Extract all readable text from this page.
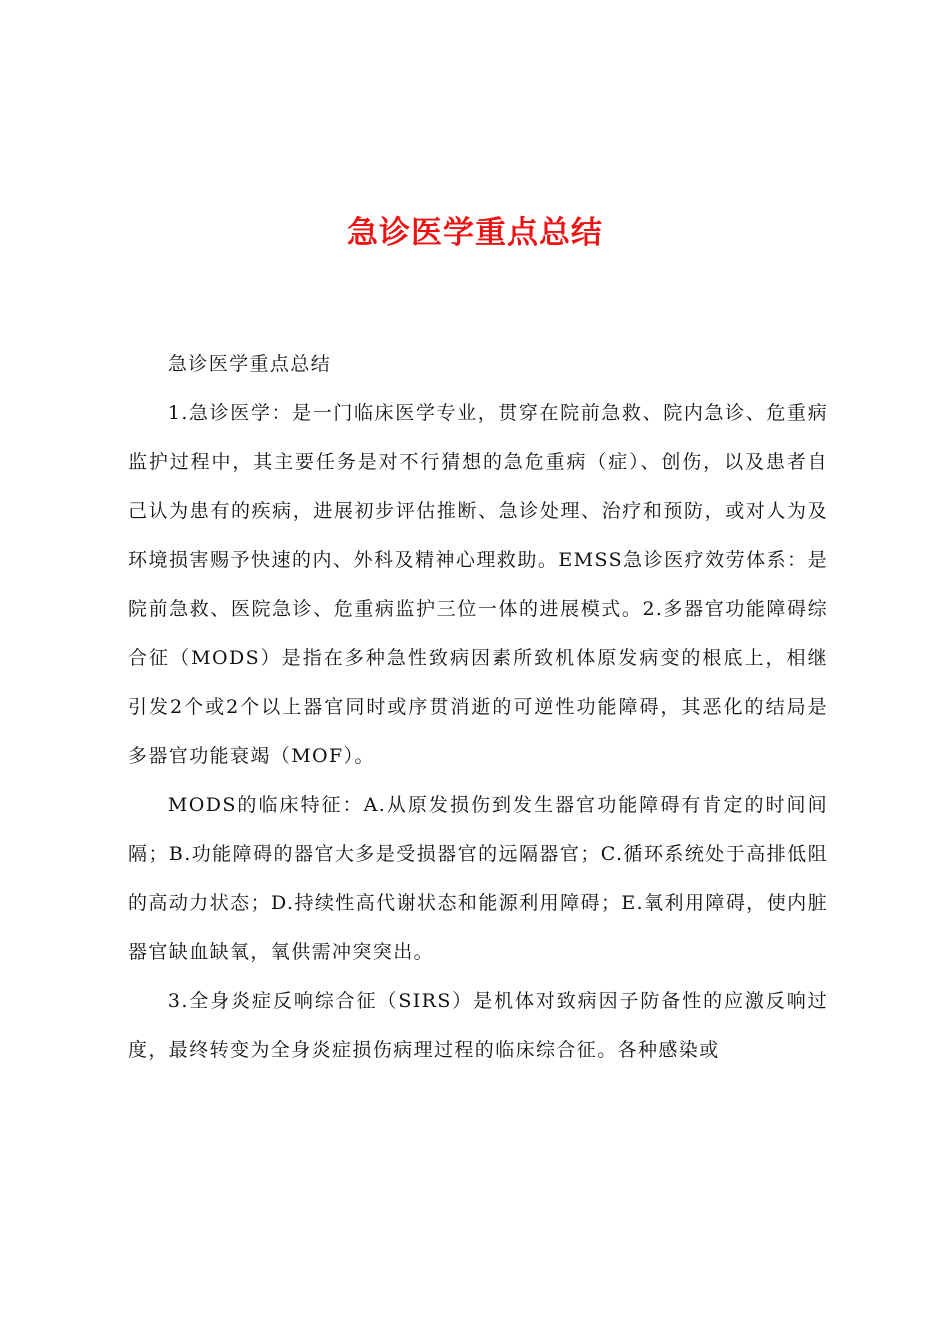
急诊医学重点总结

急诊医学重点总结

1.急诊医学：是一门临床医学专业，贯穿在院前急救、院内急诊、危重病监护过程中，其主要任务是对不行猜想的急危重病（症）、创伤，以及患者自己认为患有的疾病，进展初步评估推断、急诊处理、治疗和预防，或对人为及环境损害赐予快速的内、外科及精神心理救助。EMSS急诊医疗效劳体系：是院前急救、医院急诊、危重病监护三位一体的进展模式。2.多器官功能障碍综合征（MODS）是指在多种急性致病因素所致机体原发病变的根底上，相继引发2个或2个以上器官同时或序贯消逝的可逆性功能障碍，其恶化的结局是多器官功能衰竭（MOF）。

MODS的临床特征：A.从原发损伤到发生器官功能障碍有肯定的时间间隔；B.功能障碍的器官大多是受损器官的远隔器官；C.循环系统处于高排低阻的高动力状态；D.持续性高代谢状态和能源利用障碍；E.氧利用障碍，使内脏器官缺血缺氧，氧供需冲突突出。

3.全身炎症反响综合征（SIRS）是机体对致病因子防备性的应激反响过度，最终转变为全身炎症损伤病理过程的临床综合征。各种感染或
